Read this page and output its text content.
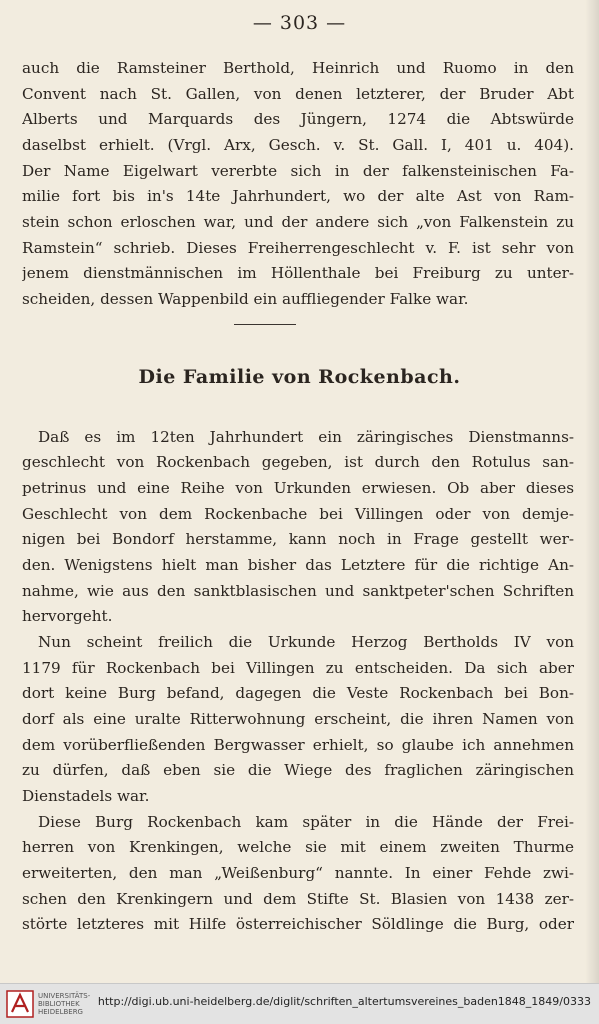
— 303 —
auch die Ramsteiner Berthold, Heinrich und Ruomo in den
Convent nach St. Gallen, von denen letzterer, der Bruder Abt
Alberts und Marquards des Jüngern, 1274 die Abtswürde
daselbst erhielt. (Vrgl. Arx, Gesch. v. St. Gall. I, 401 u. 404).
Der Name Eigelwart vererbte sich in der falkensteinischen Fa-
milie fort bis in's 14te Jahrhundert, wo der alte Ast von Ram-
stein schon erloschen war, und der andere sich „von Falkenstein zu
Ramstein“ schrieb. Dieses Freiherrengeschlecht v. F. ist sehr von
jenem dienstmännischen im Höllenthale bei Freiburg zu unter-
scheiden, dessen Wappenbild ein auffliegender Falke war.
Die Familie von Rockenbach.
Daß es im 12ten Jahrhundert ein zäringisches Dienstmanns-
geschlecht von Rockenbach gegeben, ist durch den Rotulus san-
petrinus und eine Reihe von Urkunden erwiesen. Ob aber dieses
Geschlecht von dem Rockenbache bei Villingen oder von demje-
nigen bei Bondorf herstamme, kann noch in Frage gestellt wer-
den. Wenigstens hielt man bisher das Letztere für die richtige An-
nahme, wie aus den sanktblasischen und sanktpeter'schen Schriften
hervorgeht.
Nun scheint freilich die Urkunde Herzog Bertholds IV von
1179 für Rockenbach bei Villingen zu entscheiden. Da sich aber
dort keine Burg befand, dagegen die Veste Rockenbach bei Bon-
dorf als eine uralte Ritterwohnung erscheint, die ihren Namen von
dem vorüberfließenden Bergwasser erhielt, so glaube ich annehmen
zu dürfen, daß eben sie die Wiege des fraglichen zäringischen
Dienstadels war.
Diese Burg Rockenbach kam später in die Hände der Frei-
herren von Krenkingen, welche sie mit einem zweiten Thurme
erweiterten, den man „Weißenburg“ nannte. In einer Fehde zwi-
schen den Krenkingern und dem Stifte St. Blasien von 1438 zer-
störte letzteres mit Hilfe österreichischer Söldlinge die Burg, oder
UNIVERSITÄTS-
BIBLIOTHEK
HEIDELBERG
http://digi.ub.uni-heidelberg.de/diglit/schriften_altertumsvereines_baden1848_1849/0333
